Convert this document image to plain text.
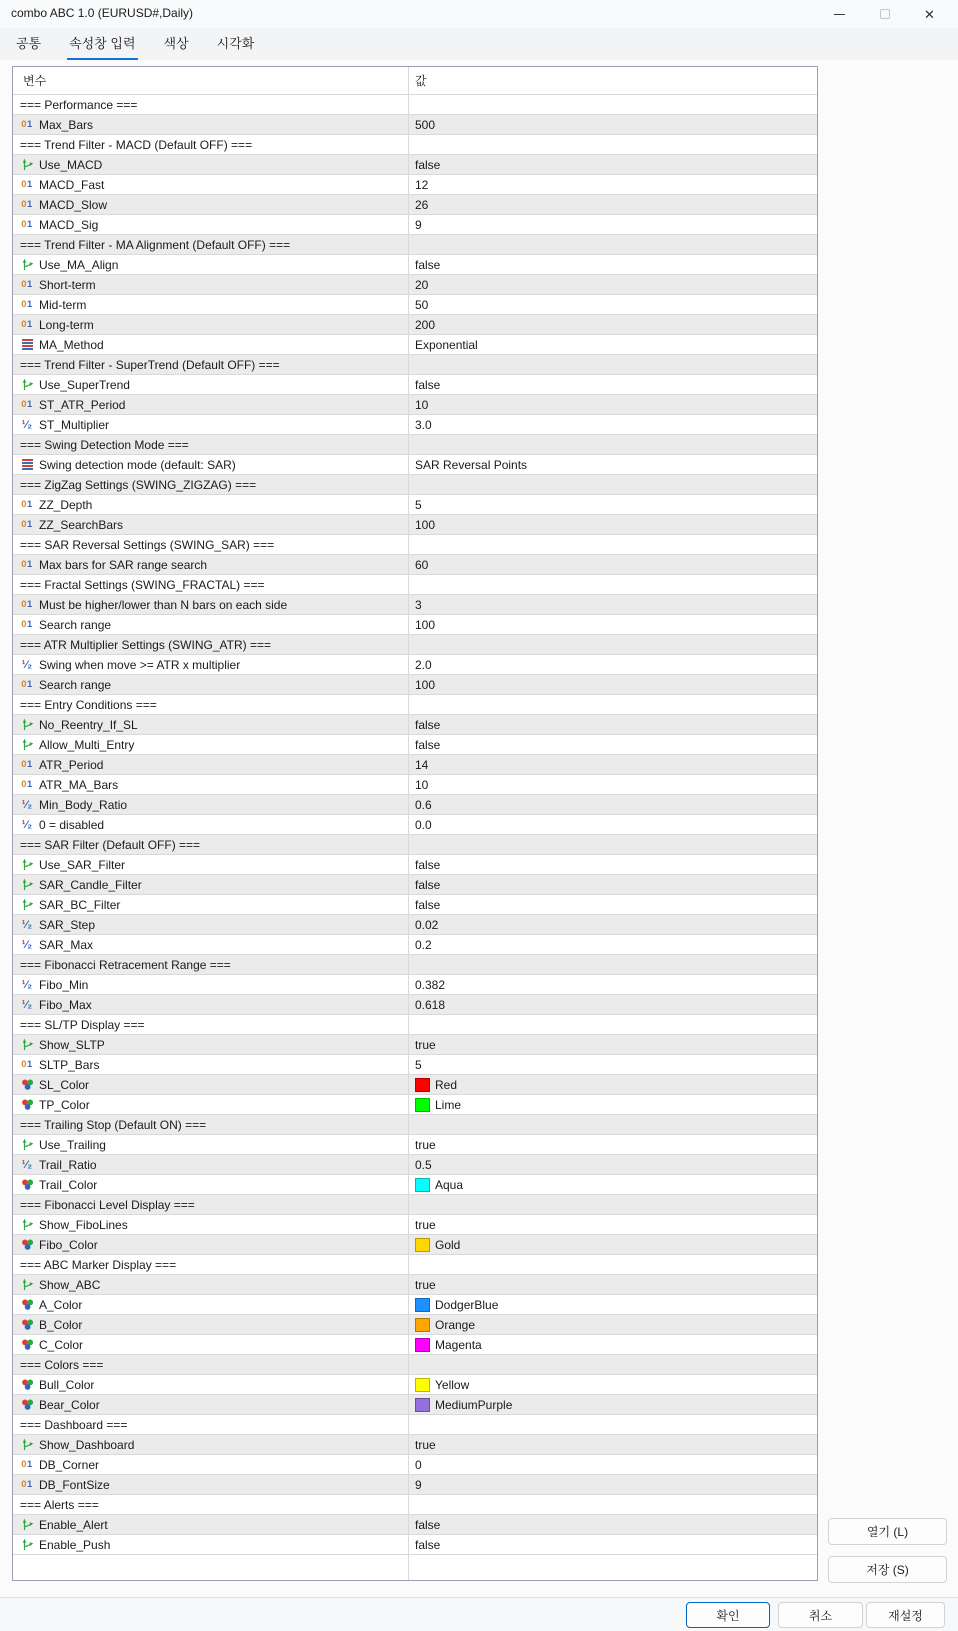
combo ABC 1.0 (EURUSD#,Daily)	✕
공통 속성창 입력 색상 시각화
변수	값
=== Performance ===
01 Max_Bars	500
=== Trend Filter - MACD (Default OFF) ===
Use_MACD	false
01 MACD_Fast	12
01 MACD_Slow	26
01 MACD_Sig	9
=== Trend Filter - MA Alignment (Default OFF) ===
Use_MA_Align	false
01 Short-term	20
01 Mid-term	50
01 Long-term	200
MA_Method	Exponential
=== Trend Filter - SuperTrend (Default OFF) ===
Use_SuperTrend	false
01 ST_ATR_Period	10
¹⁄₂ ST_Multiplier	3.0
=== Swing Detection Mode ===
Swing detection mode (default: SAR)	SAR Reversal Points
=== ZigZag Settings (SWING_ZIGZAG) ===
01 ZZ_Depth	5
01 ZZ_SearchBars	100
=== SAR Reversal Settings (SWING_SAR) ===
01 Max bars for SAR range search	60
=== Fractal Settings (SWING_FRACTAL) ===
01 Must be higher/lower than N bars on each side	3
01 Search range	100
=== ATR Multiplier Settings (SWING_ATR) ===
¹⁄₂ Swing when move >= ATR x multiplier	2.0
01 Search range	100
=== Entry Conditions ===
No_Reentry_If_SL	false
Allow_Multi_Entry	false
01 ATR_Period	14
01 ATR_MA_Bars	10
¹⁄₂ Min_Body_Ratio	0.6
¹⁄₂ 0 = disabled	0.0
=== SAR Filter (Default OFF) ===
Use_SAR_Filter	false
SAR_Candle_Filter	false
SAR_BC_Filter	false
¹⁄₂ SAR_Step	0.02
¹⁄₂ SAR_Max	0.2
=== Fibonacci Retracement Range ===
¹⁄₂ Fibo_Min	0.382
¹⁄₂ Fibo_Max	0.618
=== SL/TP Display ===
Show_SLTP	true
01 SLTP_Bars	5
SL_Color	Red
TP_Color	Lime
=== Trailing Stop (Default ON) ===
Use_Trailing	true
¹⁄₂ Trail_Ratio	0.5
Trail_Color	Aqua
=== Fibonacci Level Display ===
Show_FiboLines	true
Fibo_Color	Gold
=== ABC Marker Display ===
Show_ABC	true
A_Color	DodgerBlue
B_Color	Orange
C_Color	Magenta
=== Colors ===
Bull_Color	Yellow
Bear_Color	MediumPurple
=== Dashboard ===
Show_Dashboard	true
01 DB_Corner	0
01 DB_FontSize	9
=== Alerts ===
Enable_Alert	false
Enable_Push	false
열기 (L)
저장 (S)
확인	취소	재설정
